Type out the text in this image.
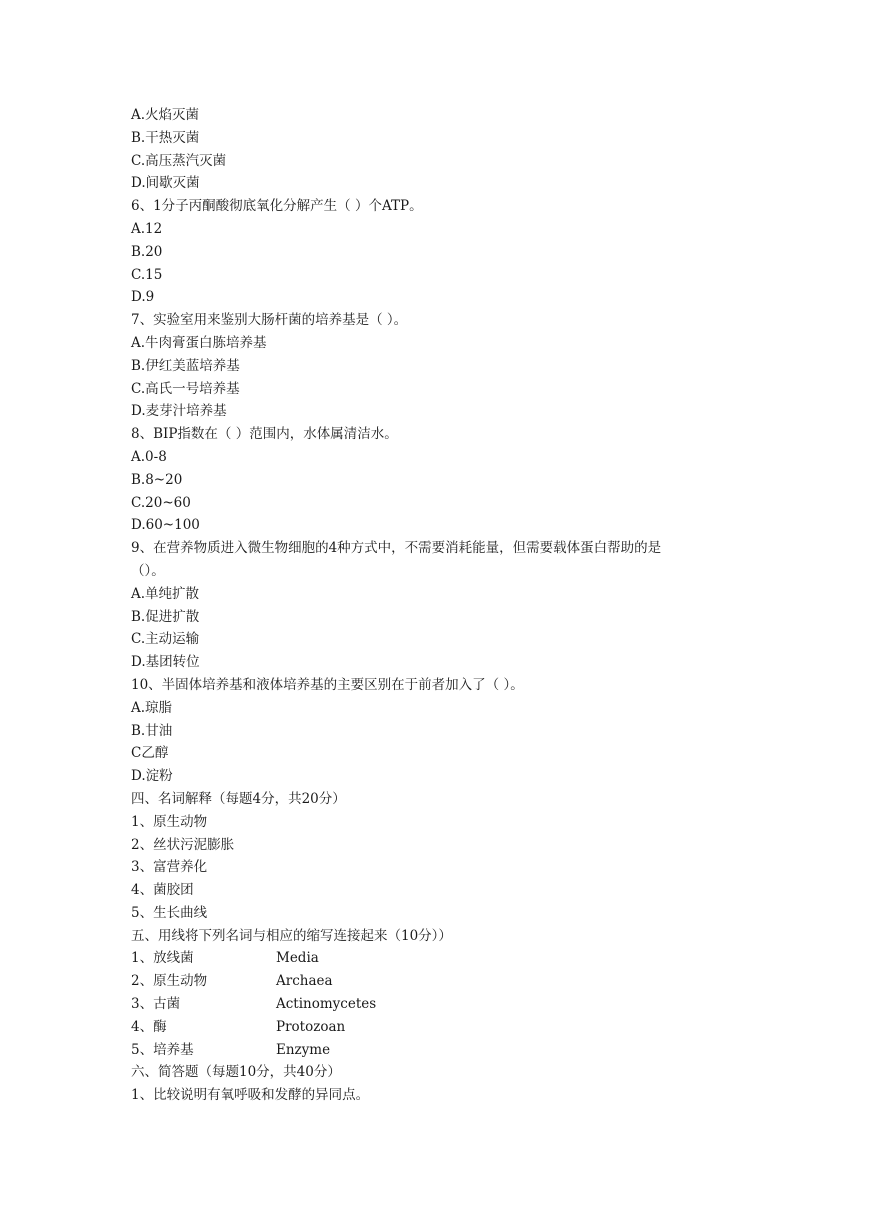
A.火焰灭菌
B.干热灭菌
C.高压蒸汽灭菌
D.间歇灭菌
6、1分子丙酮酸彻底氧化分解产生（ ）个ATP。
A.12
B.20
C.15
D.9
7、实验室用来鉴别大肠杆菌的培养基是（ ）。
A.牛肉膏蛋白胨培养基
B.伊红美蓝培养基
C.高氏一号培养基
D.麦芽汁培养基
8、BIP指数在（ ）范围内，水体属清洁水。
A.0-8
B.8~20
C.20~60
D.60~100
9、在营养物质进入微生物细胞的4种方式中，不需要消耗能量，但需要载体蛋白帮助的是
（）。
A.单纯扩散
B.促进扩散
C.主动运输
D.基团转位
10、半固体培养基和液体培养基的主要区别在于前者加入了（ ）。
A.琼脂
B.甘油
C乙醇
D.淀粉
四、名词解释（每题4分，共20分）
1、原生动物
2、丝状污泥膨胀
3、富营养化
4、菌胶团
5、生长曲线
五、用线将下列名词与相应的缩写连接起来（10分））
1、放线菌	Media
2、原生动物	Archaea
3、古菌	Actinomycetes
4、酶	Protozoan
5、培养基	Enzyme
六、简答题（每题10分，共40分）
1、比较说明有氧呼吸和发酵的异同点。
